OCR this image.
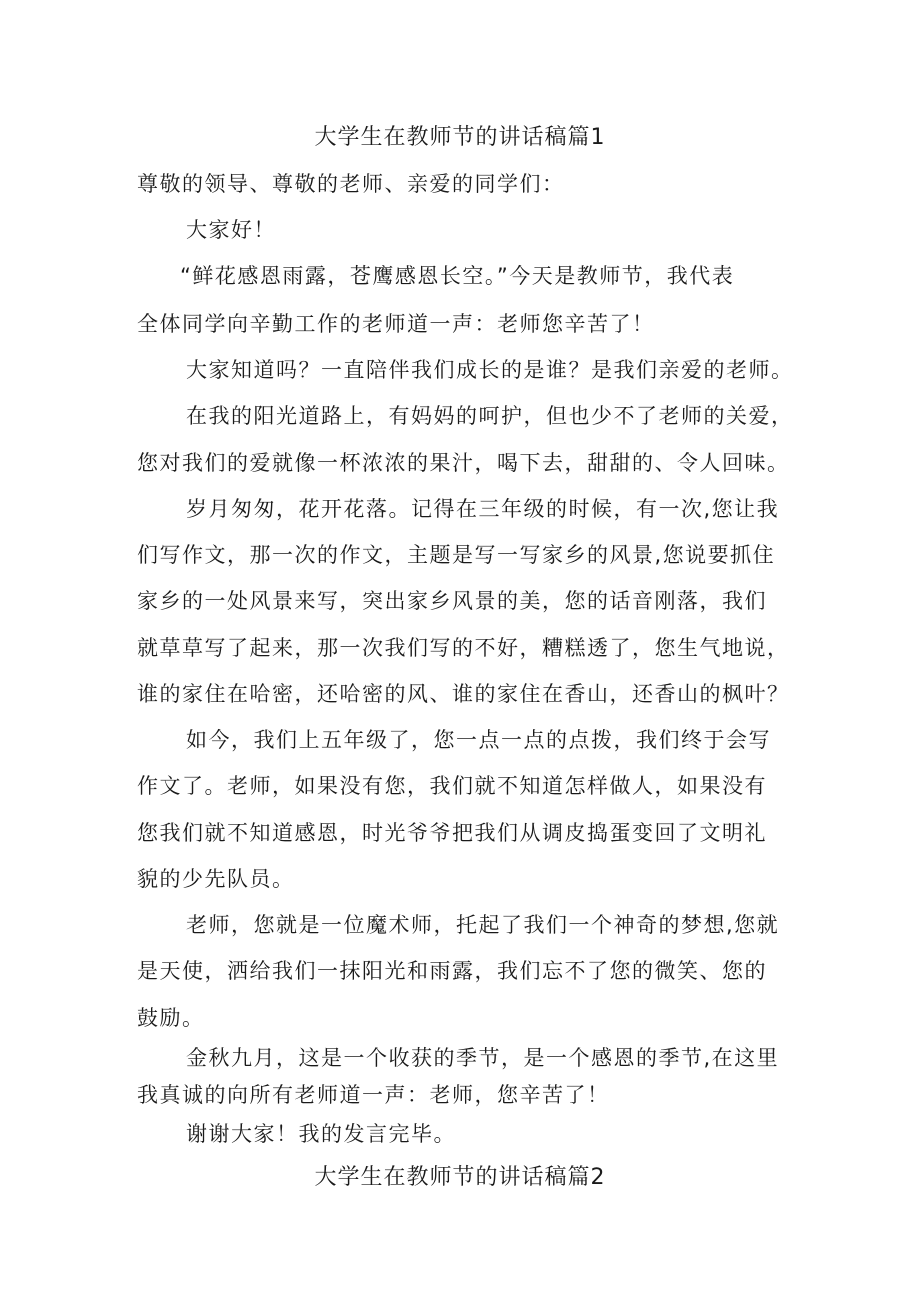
大学生在教师节的讲话稿篇1
尊敬的领导、尊敬的老师、亲爱的同学们：
大家好！
“鲜花感恩雨露，苍鹰感恩长空。”今天是教师节，我代表
全体同学向辛勤工作的老师道一声：老师您辛苦了！
大家知道吗？一直陪伴我们成长的是谁？是我们亲爱的老师。
在我的阳光道路上，有妈妈的呵护，但也少不了老师的关爱，
您对我们的爱就像一杯浓浓的果汁，喝下去，甜甜的、令人回味。
岁月匆匆，花开花落。记得在三年级的时候，有一次,您让我
们写作文，那一次的作文，主题是写一写家乡的风景,您说要抓住
家乡的一处风景来写，突出家乡风景的美，您的话音刚落，我们
就草草写了起来，那一次我们写的不好，糟糕透了，您生气地说，
谁的家住在哈密，还哈密的风、谁的家住在香山，还香山的枫叶？
如今，我们上五年级了，您一点一点的点拨，我们终于会写
作文了。老师，如果没有您，我们就不知道怎样做人，如果没有
您我们就不知道感恩，时光爷爷把我们从调皮捣蛋变回了文明礼
貌的少先队员。
老师，您就是一位魔术师，托起了我们一个神奇的梦想,您就
是天使，洒给我们一抹阳光和雨露，我们忘不了您的微笑、您的
鼓励。
金秋九月，这是一个收获的季节，是一个感恩的季节,在这里
我真诚的向所有老师道一声：老师，您辛苦了！
谢谢大家！我的发言完毕。
大学生在教师节的讲话稿篇2
